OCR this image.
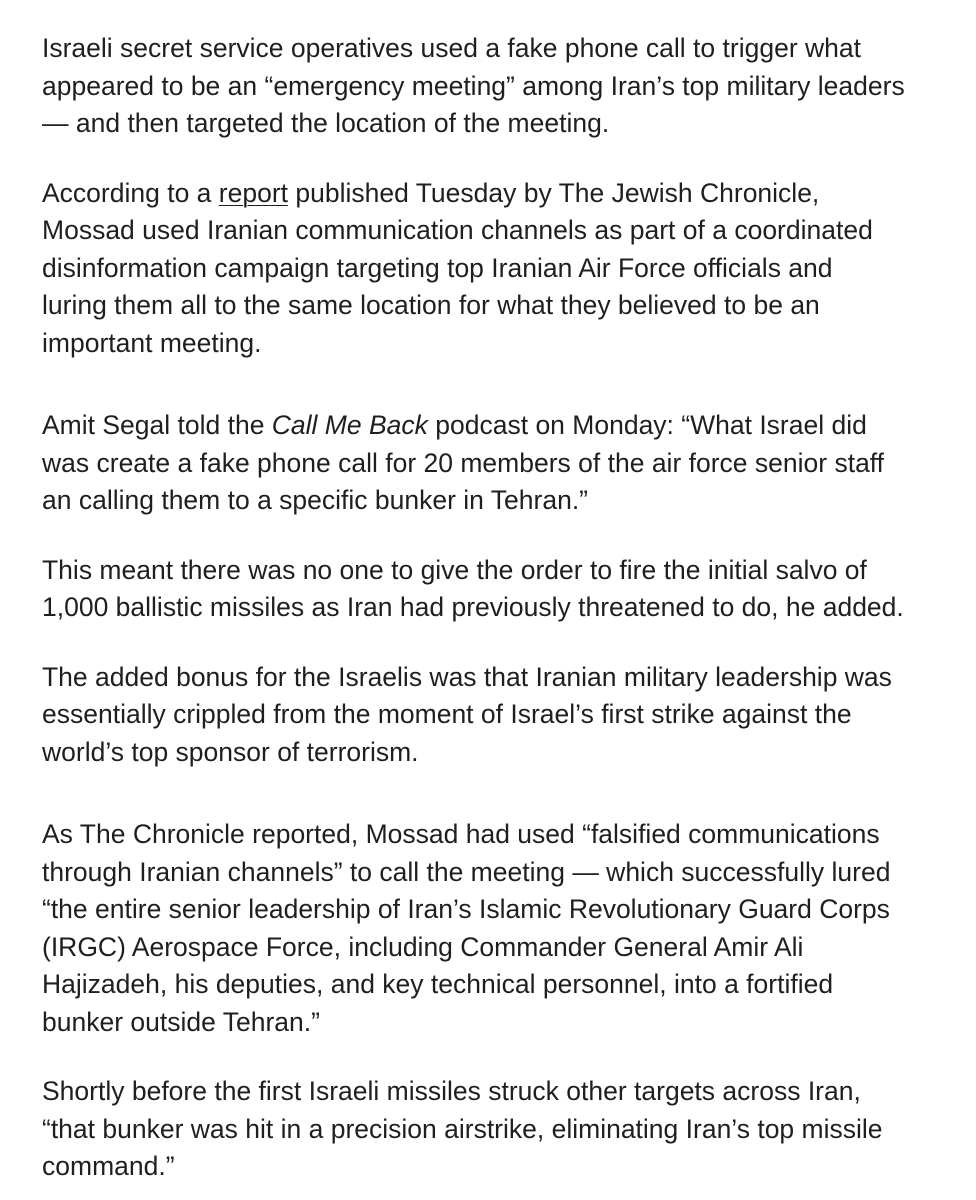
Israeli secret service operatives used a fake phone call to trigger what
appeared to be an “emergency meeting” among Iran’s top military leaders
— and then targeted the location of the meeting.

According to a report published Tuesday by The Jewish Chronicle,
Mossad used Iranian communication channels as part of a coordinated
disinformation campaign targeting top Iranian Air Force officials and
luring them all to the same location for what they believed to be an
important meeting.

Amit Segal told the Call Me Back podcast on Monday: “What Israel did
was create a fake phone call for 20 members of the air force senior staff
an calling them to a specific bunker in Tehran.”

This meant there was no one to give the order to fire the initial salvo of
1,000 ballistic missiles as Iran had previously threatened to do, he added.

The added bonus for the Israelis was that Iranian military leadership was
essentially crippled from the moment of Israel’s first strike against the
world’s top sponsor of terrorism.

As The Chronicle reported, Mossad had used “falsified communications
through Iranian channels” to call the meeting — which successfully lured
“the entire senior leadership of Iran’s Islamic Revolutionary Guard Corps
(IRGC) Aerospace Force, including Commander General Amir Ali
Hajizadeh, his deputies, and key technical personnel, into a fortified
bunker outside Tehran.”

Shortly before the first Israeli missiles struck other targets across Iran,
“that bunker was hit in a precision airstrike, eliminating Iran’s top missile
command.”
